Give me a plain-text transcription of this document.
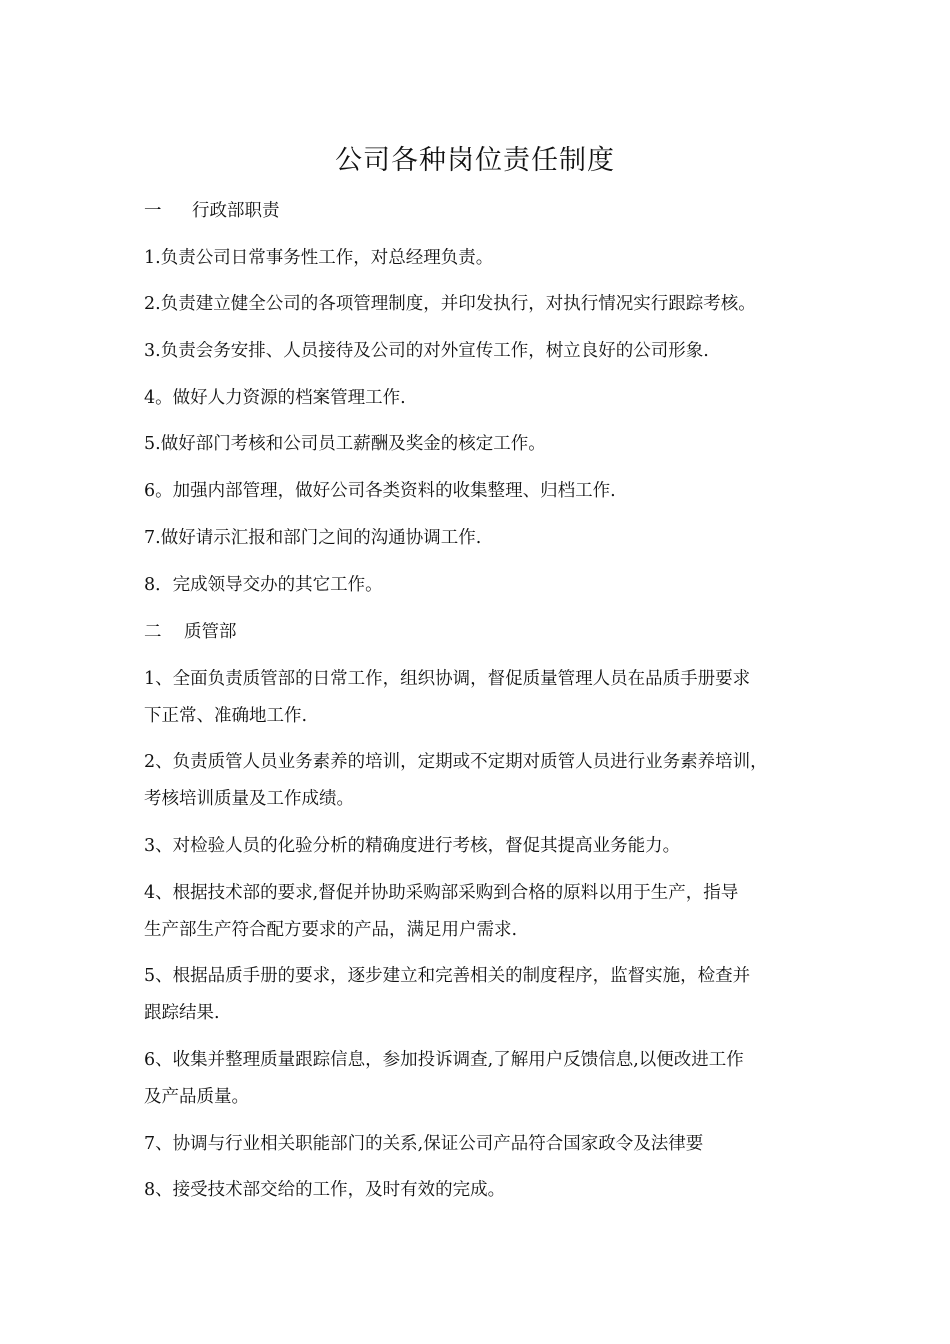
公司各种岗位责任制度
一 行政部职责
1.负责公司日常事务性工作，对总经理负责。
2.负责建立健全公司的各项管理制度，并印发执行，对执行情况实行跟踪考核。
3.负责会务安排、人员接待及公司的对外宣传工作，树立良好的公司形象.
4。做好人力资源的档案管理工作.
5.做好部门考核和公司员工薪酬及奖金的核定工作。
6。加强内部管理，做好公司各类资料的收集整理、归档工作.
7.做好请示汇报和部门之间的沟通协调工作.
8．完成领导交办的其它工作。
二 质管部
1、全面负责质管部的日常工作，组织协调，督促质量管理人员在品质手册要求
下正常、准确地工作.
2、负责质管人员业务素养的培训，定期或不定期对质管人员进行业务素养培训，
考核培训质量及工作成绩。
3、对检验人员的化验分析的精确度进行考核，督促其提高业务能力。
4、根据技术部的要求,督促并协助采购部采购到合格的原料以用于生产，指导
生产部生产符合配方要求的产品，满足用户需求.
5、根据品质手册的要求，逐步建立和完善相关的制度程序，监督实施，检查并
跟踪结果.
6、收集并整理质量跟踪信息，参加投诉调查,了解用户反馈信息,以便改进工作
及产品质量。
7、协调与行业相关职能部门的关系,保证公司产品符合国家政令及法律要
8、接受技术部交给的工作，及时有效的完成。
